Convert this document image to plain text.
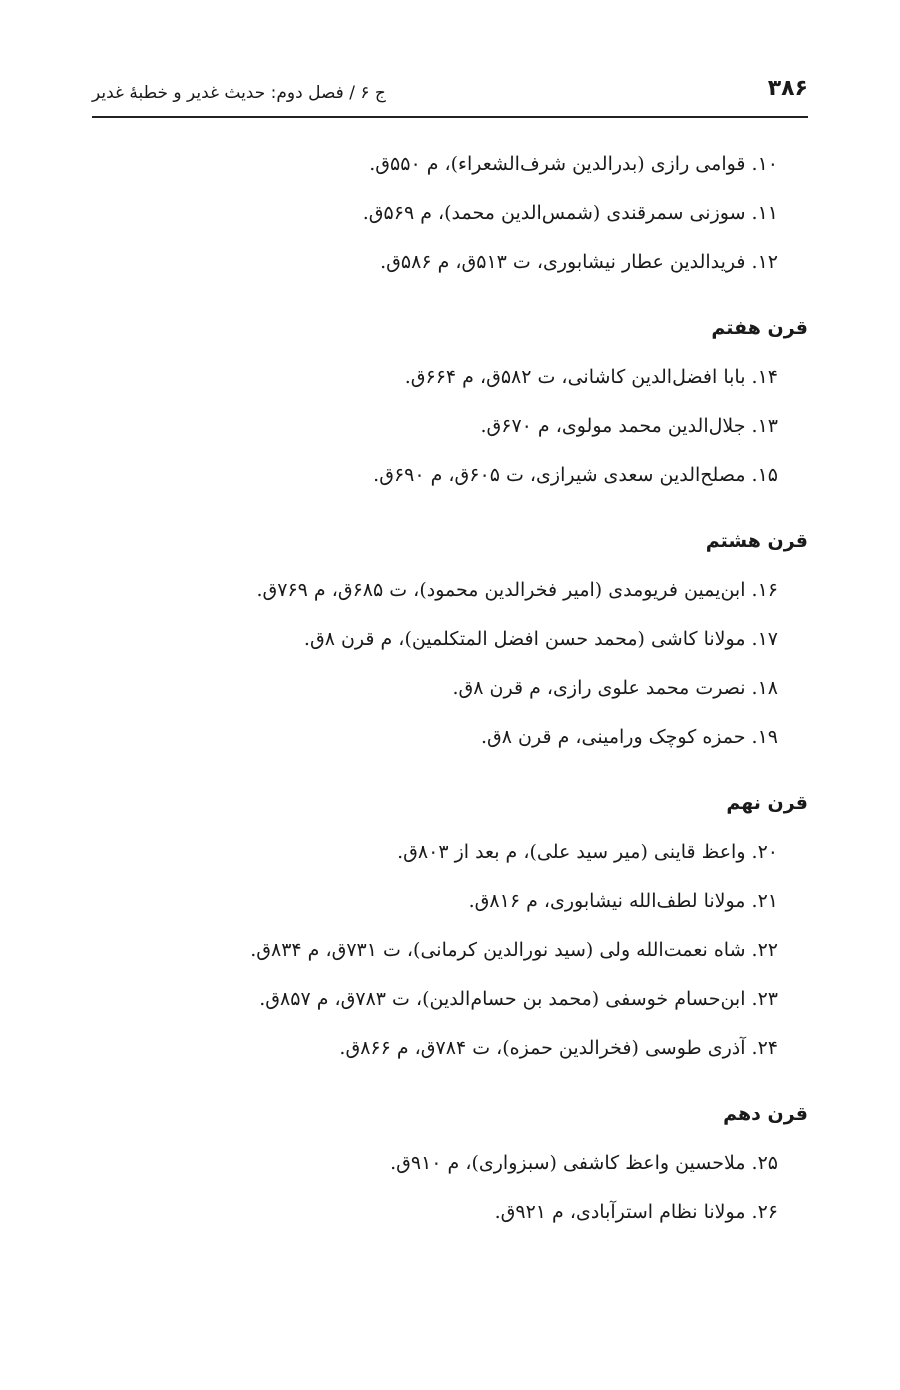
۳۸۶
ج ۶ / فصل دوم: حدیث غدیر و خطبهٔ غدیر
۱۰. قوامی رازی (بدرالدین شرف‌الشعراء)، م ۵۵۰ق.
۱۱. سوزنی سمرقندی (شمس‌الدین محمد)، م ۵۶۹ق.
۱۲. فریدالدین عطار نیشابوری، ت ۵۱۳ق، م ۵۸۶ق.
قرن هفتم
۱۴. بابا افضل‌الدین کاشانی، ت ۵۸۲ق، م ۶۶۴ق.
۱۳. جلال‌الدین محمد مولوی، م ۶۷۰ق.
۱۵. مصلح‌الدین سعدی شیرازی، ت ۶۰۵ق، م ۶۹۰ق.
قرن هشتم
۱۶. ابن‌یمین فریومدی (امیر فخرالدین محمود)، ت ۶۸۵ق، م ۷۶۹ق.
۱۷. مولانا کاشی (محمد حسن افضل المتکلمین)، م قرن ۸ق.
۱۸. نصرت محمد علوی رازی، م قرن ۸ق.
۱۹. حمزه کوچک ورامینی، م قرن ۸ق.
قرن نهم
۲۰. واعظ قاینی (میر سید علی)، م بعد از ۸۰۳ق.
۲۱. مولانا لطف‌الله نیشابوری، م ۸۱۶ق.
۲۲. شاه نعمت‌الله ولی (سید نورالدین کرمانی)، ت ۷۳۱ق، م ۸۳۴ق.
۲۳. ابن‌حسام خوسفی (محمد بن حسام‌الدین)، ت ۷۸۳ق، م ۸۵۷ق.
۲۴. آذری طوسی (فخرالدین حمزه)، ت ۷۸۴ق، م ۸۶۶ق.
قرن دهم
۲۵. ملاحسین واعظ کاشفی (سبزواری)، م ۹۱۰ق.
۲۶. مولانا نظام استرآبادی، م ۹۲۱ق.
